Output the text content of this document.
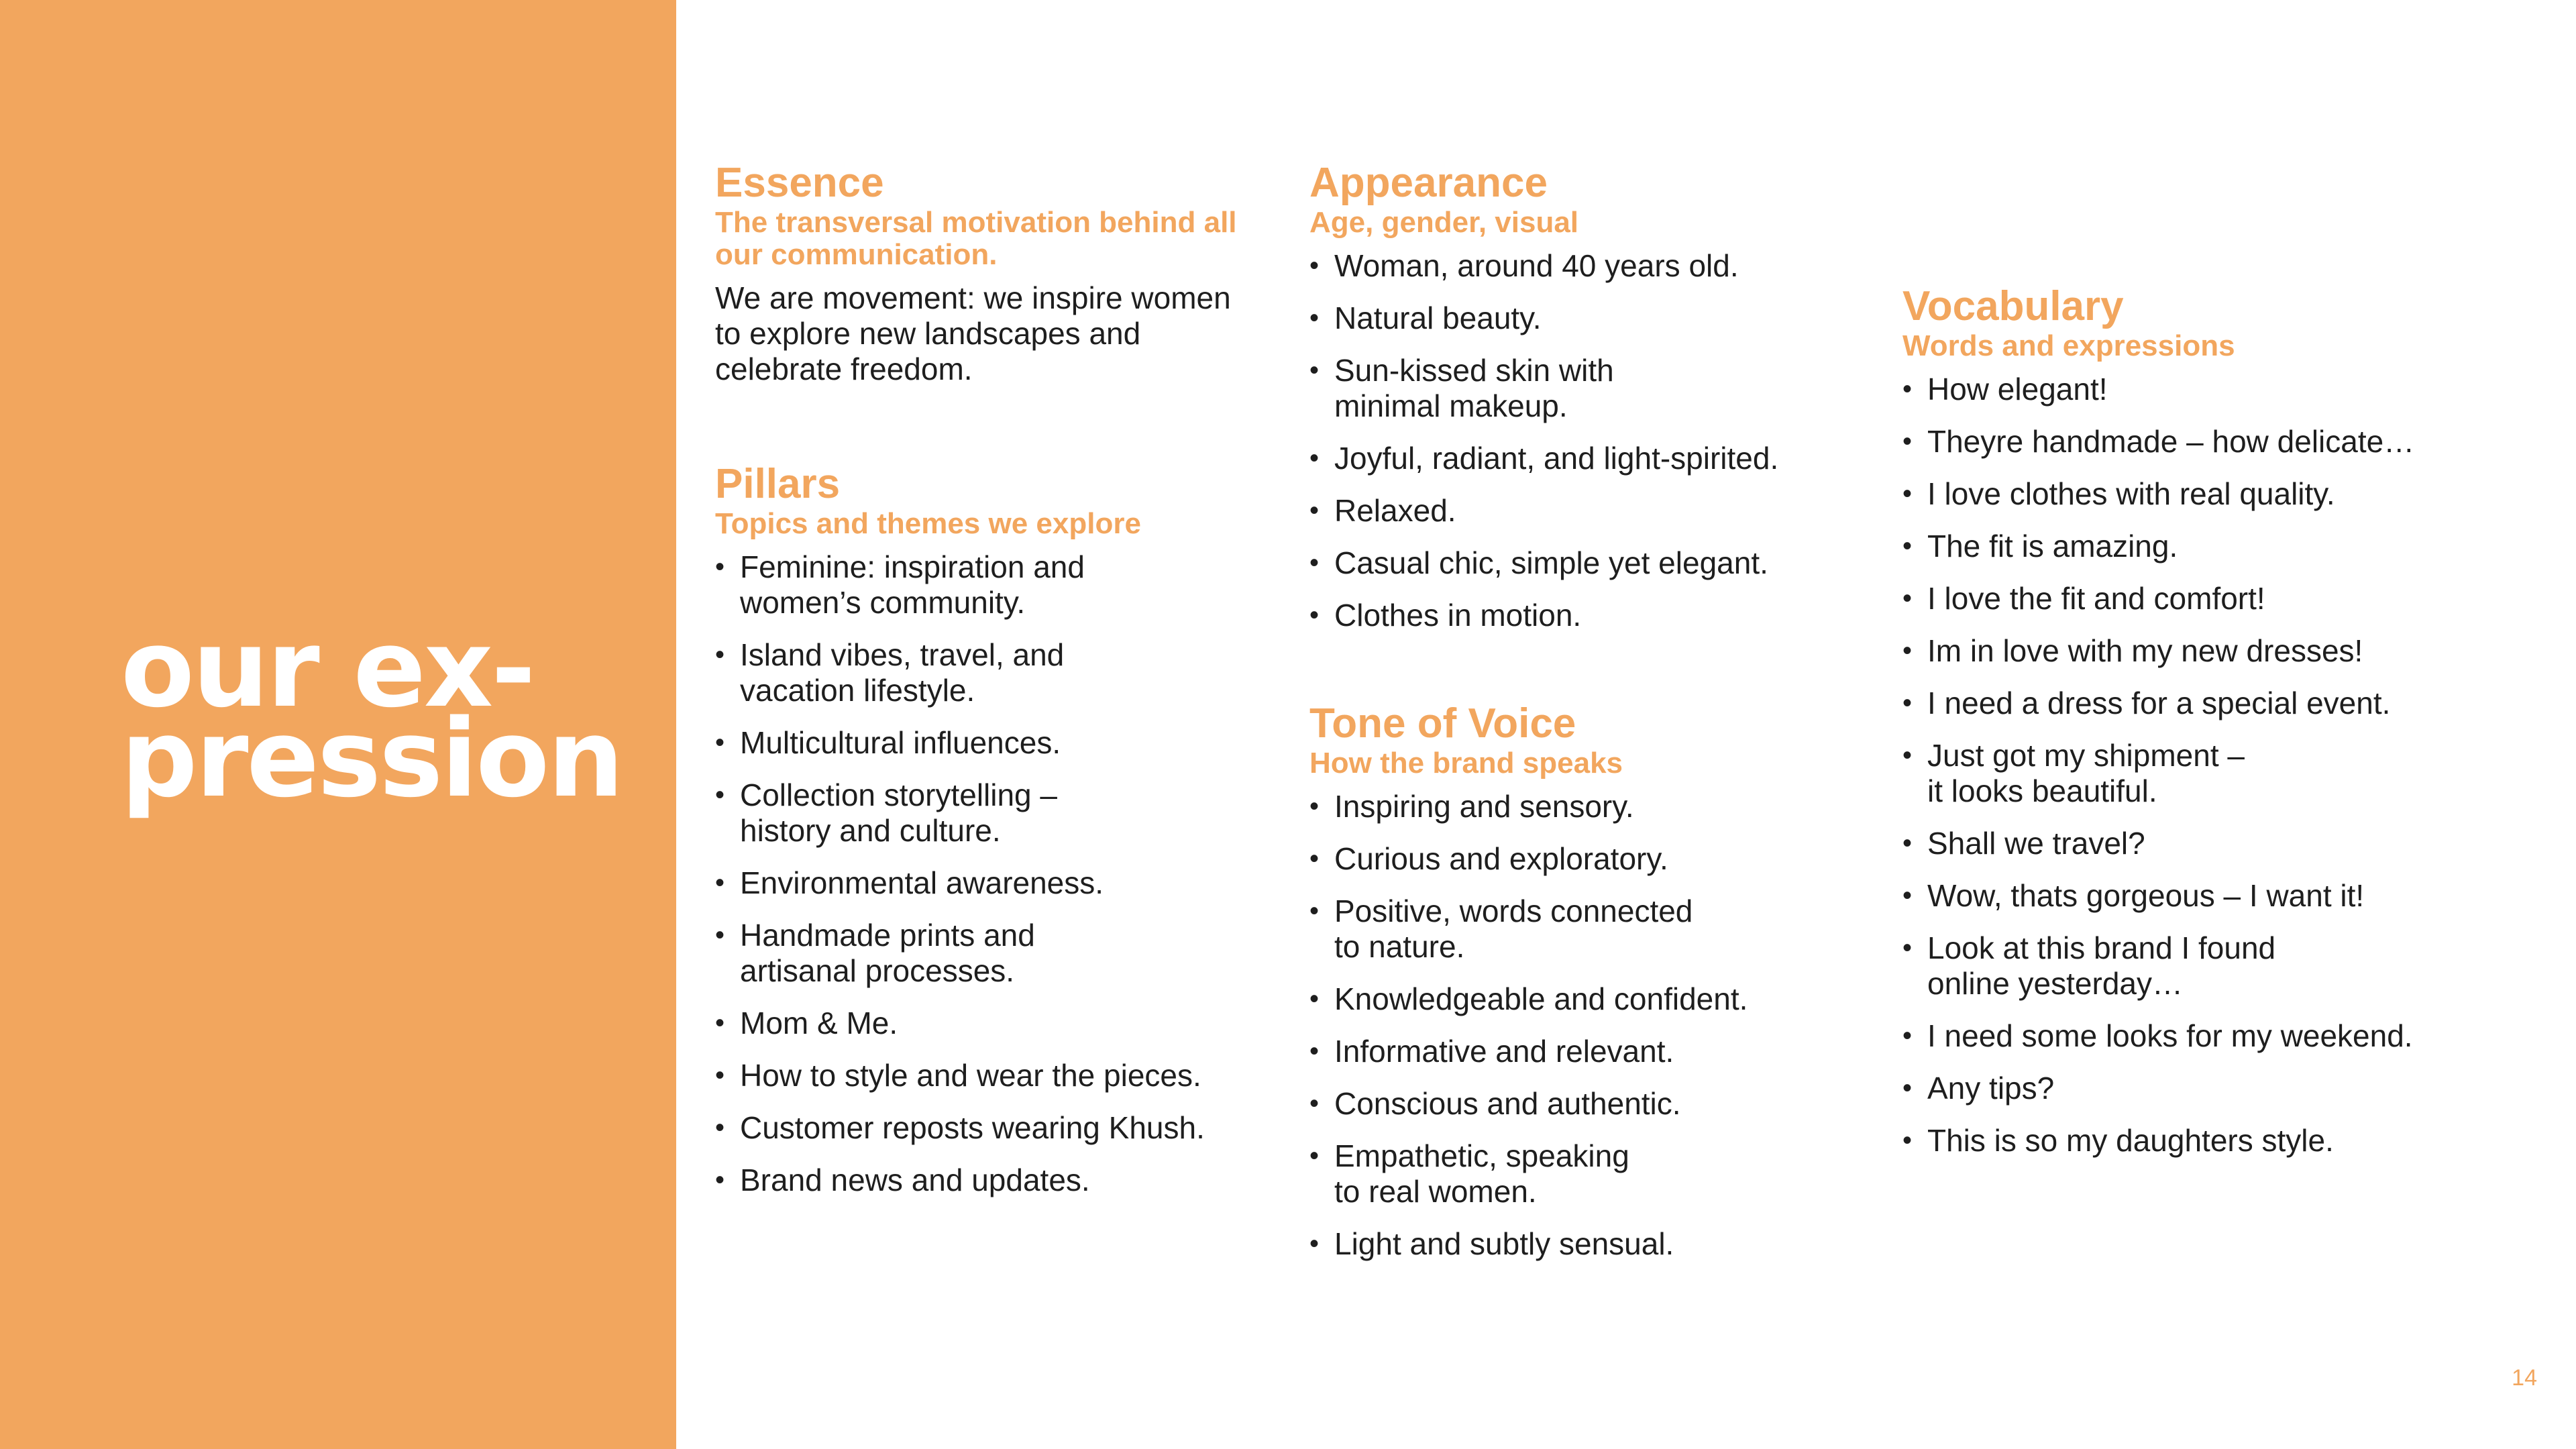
our ex-
pression
Essence
The transversal motivation behind all our communication.
We are movement: we inspire women to explore new landscapes and celebrate freedom.
Pillars
Topics and themes we explore
• Feminine: inspiration and
women’s community.
• Island vibes, travel, and
vacation lifestyle.
• Multicultural influences.
• Collection storytelling –
history and culture.
• Environmental awareness.
• Handmade prints and
artisanal processes.
• Mom & Me.
• How to style and wear the pieces.
• Customer reposts wearing Khush.
• Brand news and updates.
Appearance
Age, gender, visual
• Woman, around 40 years old.
• Natural beauty.
• Sun-kissed skin with
minimal makeup.
• Joyful, radiant, and light-spirited.
• Relaxed.
• Casual chic, simple yet elegant.
• Clothes in motion.
Tone of Voice
How the brand speaks
• Inspiring and sensory.
• Curious and exploratory.
• Positive, words connected
to nature.
• Knowledgeable and confident.
• Informative and relevant.
• Conscious and authentic.
• Empathetic, speaking
to real women.
• Light and subtly sensual.
Vocabulary
Words and expressions
• How elegant!
• Theyre handmade – how delicate…
• I love clothes with real quality.
• The fit is amazing.
• I love the fit and comfort!
• Im in love with my new dresses!
• I need a dress for a special event.
• Just got my shipment –
it looks beautiful.
• Shall we travel?
• Wow, thats gorgeous – I want it!
• Look at this brand I found
online yesterday…
• I need some looks for my weekend.
• Any tips?
• This is so my daughters style.
14
